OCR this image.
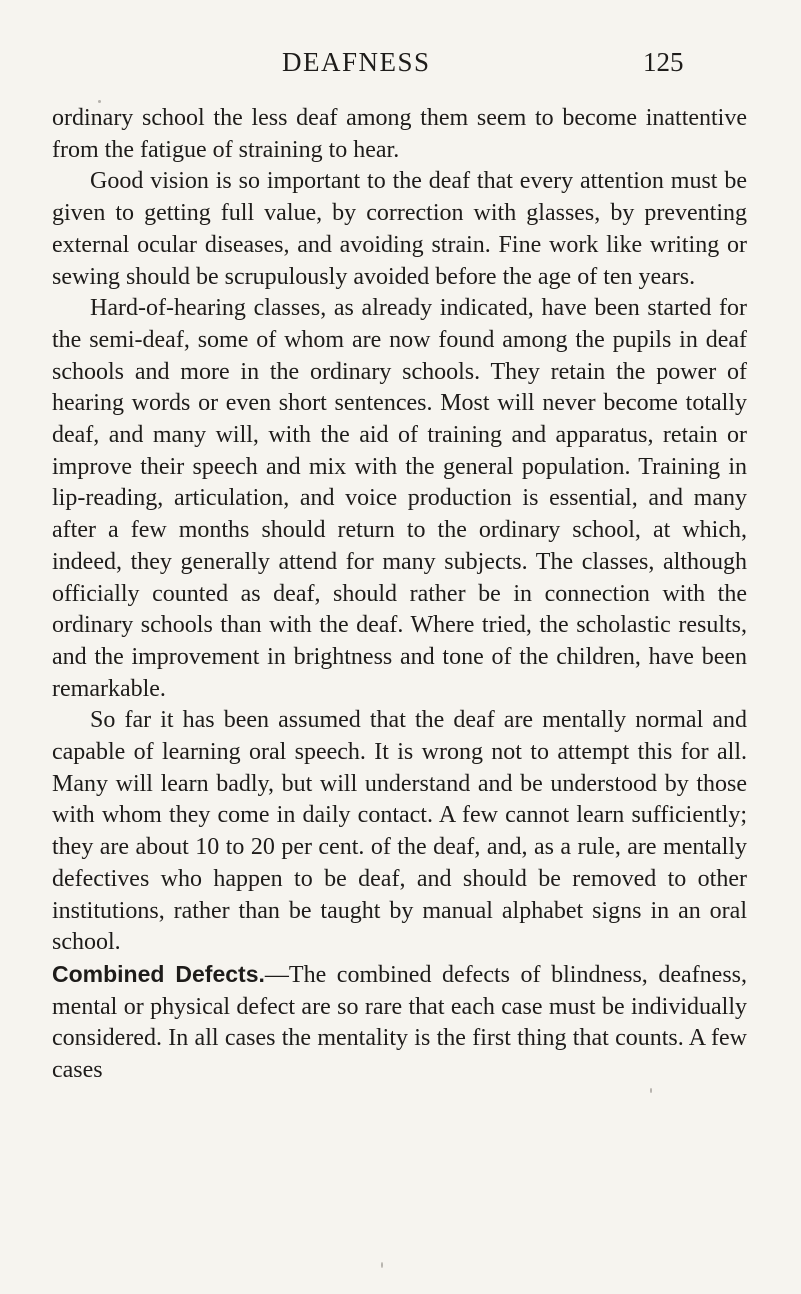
DEAFNESS	125

ordinary school the less deaf among them seem to become inattentive from the fatigue of straining to hear.

Good vision is so important to the deaf that every attention must be given to getting full value, by correction with glasses, by preventing external ocular diseases, and avoiding strain. Fine work like writing or sewing should be scrupulously avoided before the age of ten years.

Hard-of-hearing classes, as already indicated, have been started for the semi-deaf, some of whom are now found among the pupils in deaf schools and more in the ordinary schools. They retain the power of hearing words or even short sentences. Most will never become totally deaf, and many will, with the aid of training and apparatus, retain or improve their speech and mix with the general population. Training in lip-reading, articulation, and voice production is essential, and many after a few months should return to the ordinary school, at which, indeed, they generally attend for many subjects. The classes, although officially counted as deaf, should rather be in connection with the ordinary schools than with the deaf. Where tried, the scholastic results, and the improvement in brightness and tone of the children, have been remarkable.

So far it has been assumed that the deaf are mentally normal and capable of learning oral speech. It is wrong not to attempt this for all. Many will learn badly, but will understand and be understood by those with whom they come in daily contact. A few cannot learn sufficiently; they are about 10 to 20 per cent. of the deaf, and, as a rule, are mentally defectives who happen to be deaf, and should be removed to other institutions, rather than be taught by manual alphabet signs in an oral school.

Combined Defects.—The combined defects of blindness, deafness, mental or physical defect are so rare that each case must be individually considered. In all cases the mentality is the first thing that counts. A few cases
